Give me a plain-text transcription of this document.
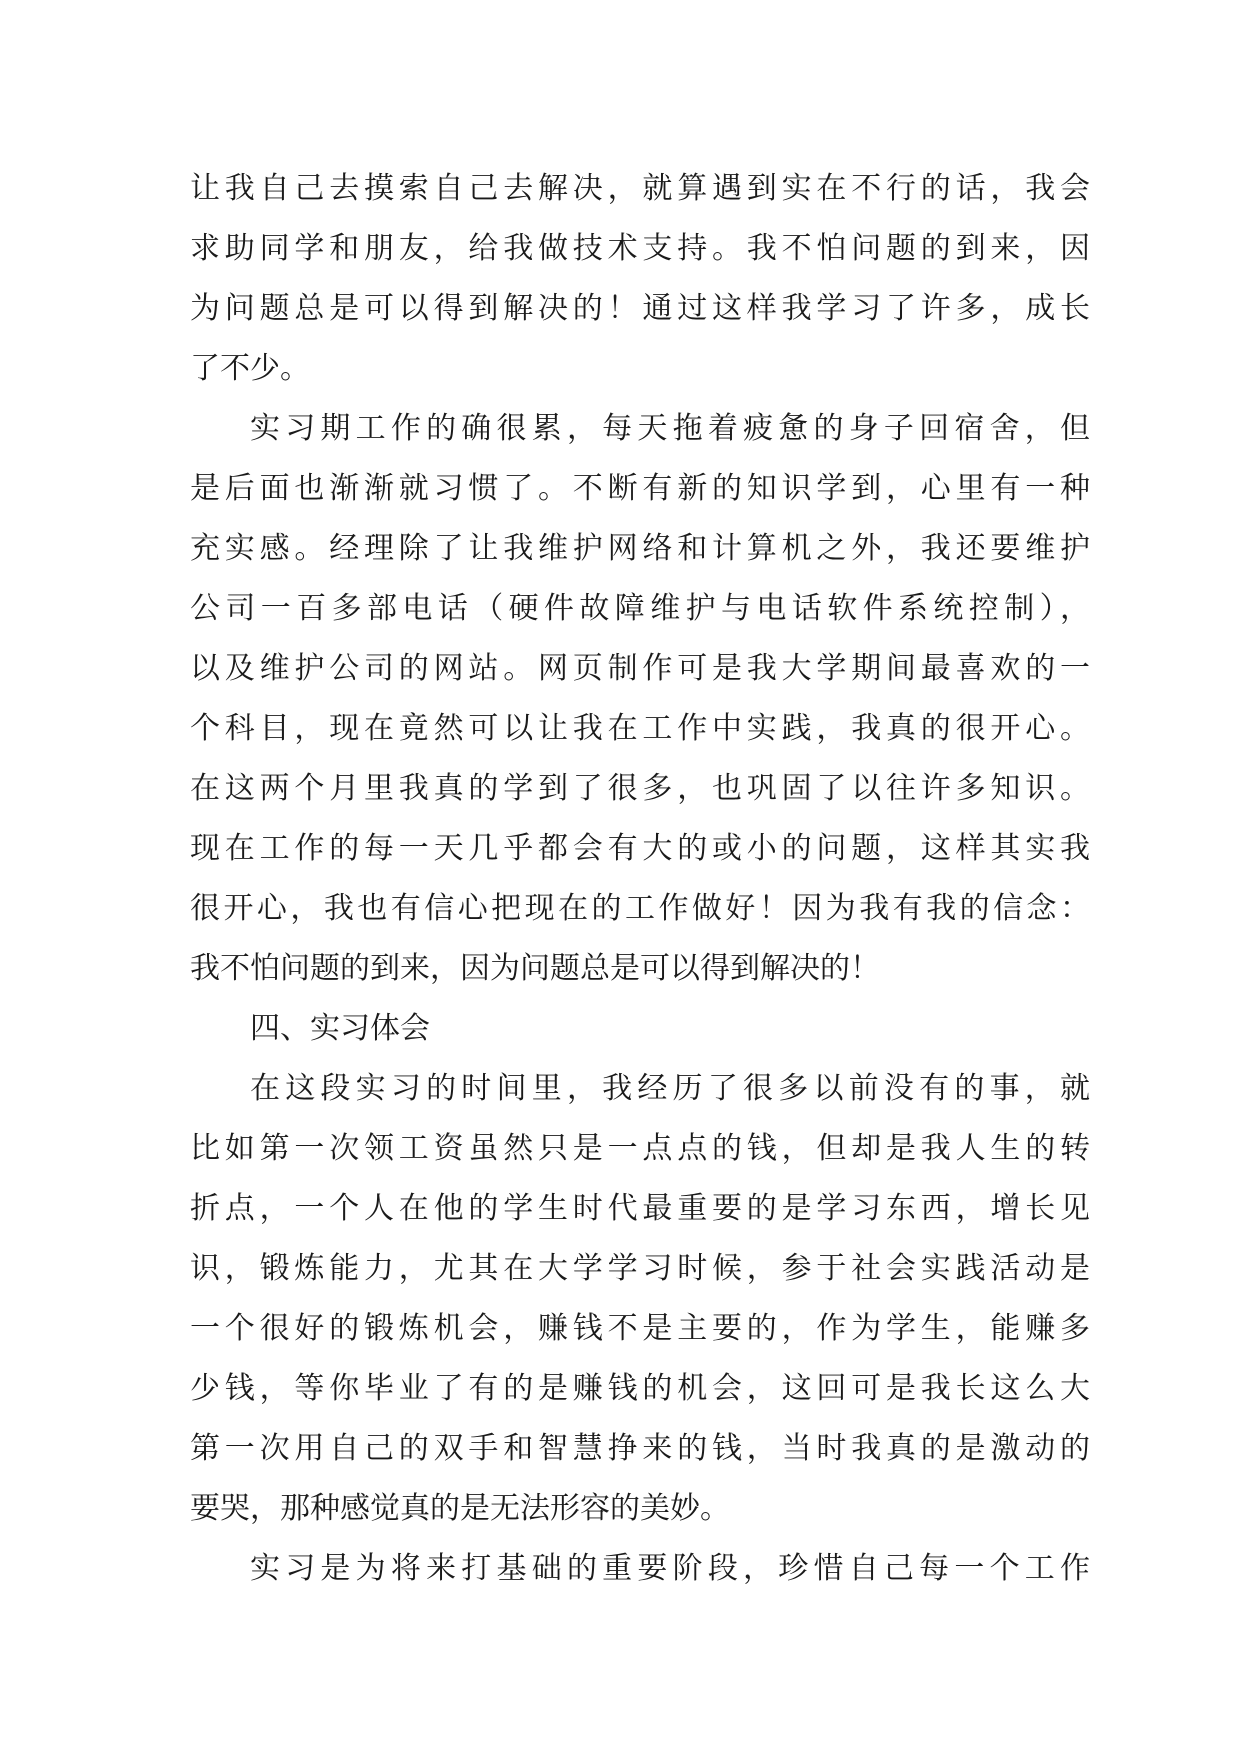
让我自己去摸索自己去解决，就算遇到实在不行的话，我会
求助同学和朋友，给我做技术支持。我不怕问题的到来，因
为问题总是可以得到解决的！通过这样我学习了许多，成长
了不少。
实习期工作的确很累，每天拖着疲惫的身子回宿舍，但
是后面也渐渐就习惯了。不断有新的知识学到，心里有一种
充实感。经理除了让我维护网络和计算机之外，我还要维护
公司一百多部电话（硬件故障维护与电话软件系统控制），
以及维护公司的网站。网页制作可是我大学期间最喜欢的一
个科目，现在竟然可以让我在工作中实践，我真的很开心。
在这两个月里我真的学到了很多，也巩固了以往许多知识。
现在工作的每一天几乎都会有大的或小的问题，这样其实我
很开心，我也有信心把现在的工作做好！因为我有我的信念：
我不怕问题的到来，因为问题总是可以得到解决的！
四、实习体会
在这段实习的时间里，我经历了很多以前没有的事，就
比如第一次领工资虽然只是一点点的钱，但却是我人生的转
折点，一个人在他的学生时代最重要的是学习东西，增长见
识，锻炼能力，尤其在大学学习时候，参于社会实践活动是
一个很好的锻炼机会，赚钱不是主要的，作为学生，能赚多
少钱，等你毕业了有的是赚钱的机会，这回可是我长这么大
第一次用自己的双手和智慧挣来的钱，当时我真的是激动的
要哭，那种感觉真的是无法形容的美妙。
实习是为将来打基础的重要阶段，珍惜自己每一个工作
